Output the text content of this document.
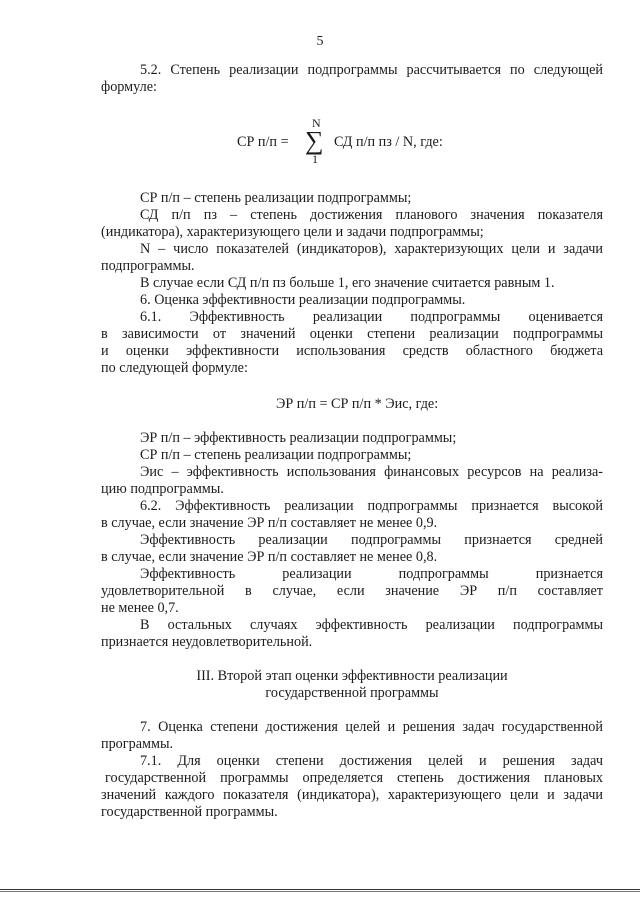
5
5.2. Степень реализации подпрограммы рассчитывается по следующей
формуле:
N
СР п/п = ∑ СД п/п пз / N, где:
1
СР п/п – степень реализации подпрограммы;
СД п/п пз – степень достижения планового значения показателя
(индикатора), характеризующего цели и задачи подпрограммы;
N – число показателей (индикаторов), характеризующих цели и задачи
подпрограммы.
В случае если СД п/п пз больше 1, его значение считается равным 1.
6. Оценка эффективности реализации подпрограммы.
6.1. Эффективность реализации подпрограммы оценивается
в зависимости от значений оценки степени реализации подпрограммы
и оценки эффективности использования средств областного бюджета
по следующей формуле:
ЭР п/п = СР п/п * Эис, где:
ЭР п/п – эффективность реализации подпрограммы;
СР п/п – степень реализации подпрограммы;
Эис – эффективность использования финансовых ресурсов на реализа-
цию подпрограммы.
6.2. Эффективность реализации подпрограммы признается высокой
в случае, если значение ЭР п/п составляет не менее 0,9.
Эффективность реализации подпрограммы признается средней
в случае, если значение ЭР п/п составляет не менее 0,8.
Эффективность реализации подпрограммы признается
удовлетворительной в случае, если значение ЭР п/п составляет
не менее 0,7.
В остальных случаях эффективность реализации подпрограммы
признается неудовлетворительной.
III. Второй этап оценки эффективности реализации
государственной программы
7. Оценка степени достижения целей и решения задач государственной
программы.
7.1. Для оценки степени достижения целей и решения задач
государственной программы определяется степень достижения плановых
значений каждого показателя (индикатора), характеризующего цели и задачи
государственной программы.
